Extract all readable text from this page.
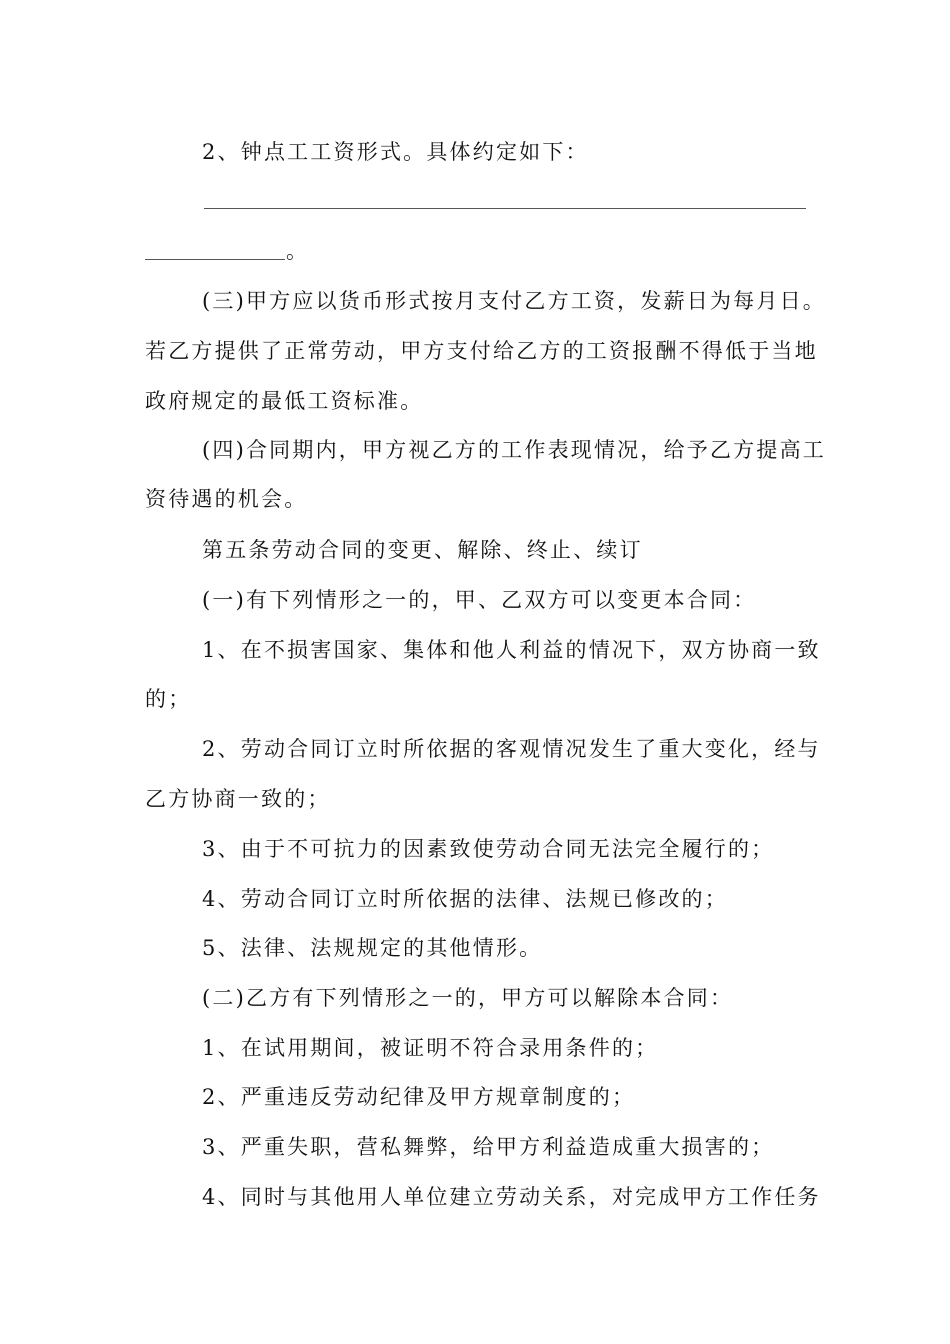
2、钟点工工资形式。具体约定如下：
。
(三)甲方应以货币形式按月支付乙方工资，发薪日为每月日。
若乙方提供了正常劳动，甲方支付给乙方的工资报酬不得低于当地
政府规定的最低工资标准。
(四)合同期内，甲方视乙方的工作表现情况，给予乙方提高工
资待遇的机会。
第五条劳动合同的变更、解除、终止、续订
(一)有下列情形之一的，甲、乙双方可以变更本合同：
1、在不损害国家、集体和他人利益的情况下，双方协商一致
的；
2、劳动合同订立时所依据的客观情况发生了重大变化，经与
乙方协商一致的；
3、由于不可抗力的因素致使劳动合同无法完全履行的；
4、劳动合同订立时所依据的法律、法规已修改的；
5、法律、法规规定的其他情形。
(二)乙方有下列情形之一的，甲方可以解除本合同：
1、在试用期间，被证明不符合录用条件的；
2、严重违反劳动纪律及甲方规章制度的；
3、严重失职，营私舞弊，给甲方利益造成重大损害的；
4、同时与其他用人单位建立劳动关系，对完成甲方工作任务
